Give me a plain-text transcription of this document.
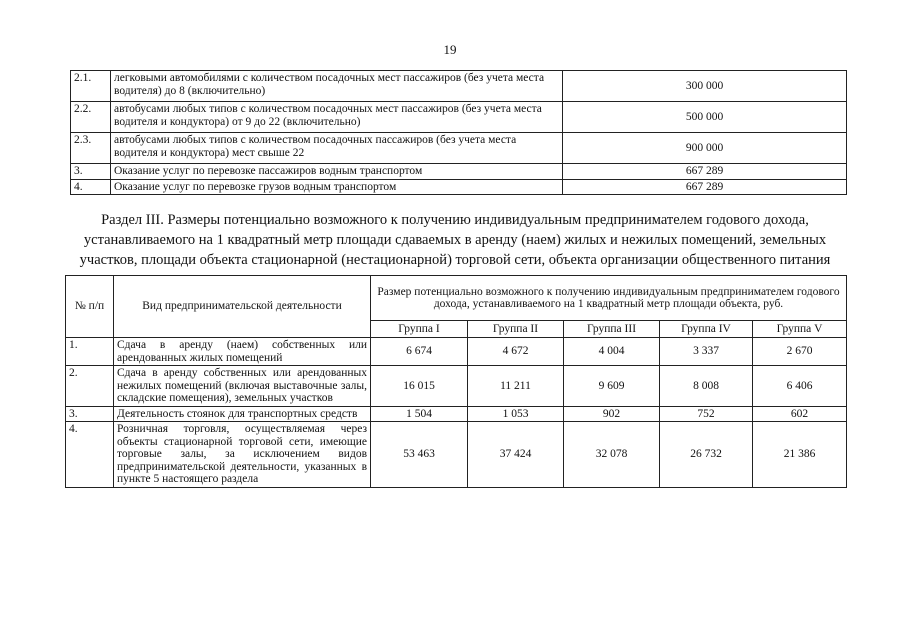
19
2.1.	легковыми автомобилями с количеством посадочных мест пассажиров (без учета места водителя) до 8 (включительно)	300 000
2.2.	автобусами любых типов с количеством посадочных мест пассажиров (без учета места водителя и кондуктора) от 9 до 22 (включительно)	500 000
2.3.	автобусами любых типов с количеством посадочных пассажиров (без учета места водителя и кондуктора) мест свыше 22	900 000
3.	Оказание услуг по перевозке пассажиров водным транспортом	667 289
4.	Оказание услуг по перевозке грузов водным транспортом	667 289
Раздел III. Размеры потенциально возможного к получению индивидуальным предпринимателем годового дохода, устанавливаемого на 1 квадратный метр площади сдаваемых в аренду (наем) жилых и нежилых помещений, земельных участков, площади объекта стационарной (нестационарной) торговой сети, объекта организации общественного питания
№ п/п	Вид предпринимательской деятельности	Размер потенциально возможного к получению индивидуальным предпринимателем годового дохода, устанавливаемого на 1 квадратный метр площади объекта, руб.				
		Группа I	Группа II	Группа III	Группа IV	Группа V
1.	Сдача в аренду (наем) собственных или арендованных жилых помещений	6 674	4 672	4 004	3 337	2 670
2.	Сдача в аренду собственных или арендованных нежилых помещений (включая выставочные залы, складские помещения), земельных участков	16 015	11 211	9 609	8 008	6 406
3.	Деятельность стоянок для транспортных средств	1 504	1 053	902	752	602
4.	Розничная торговля, осуществляемая через объекты стационарной торговой сети, имеющие торговые залы, за исключением видов предпринимательской деятельности, указанных в пункте 5 настоящего раздела	53 463	37 424	32 078	26 732	21 386
